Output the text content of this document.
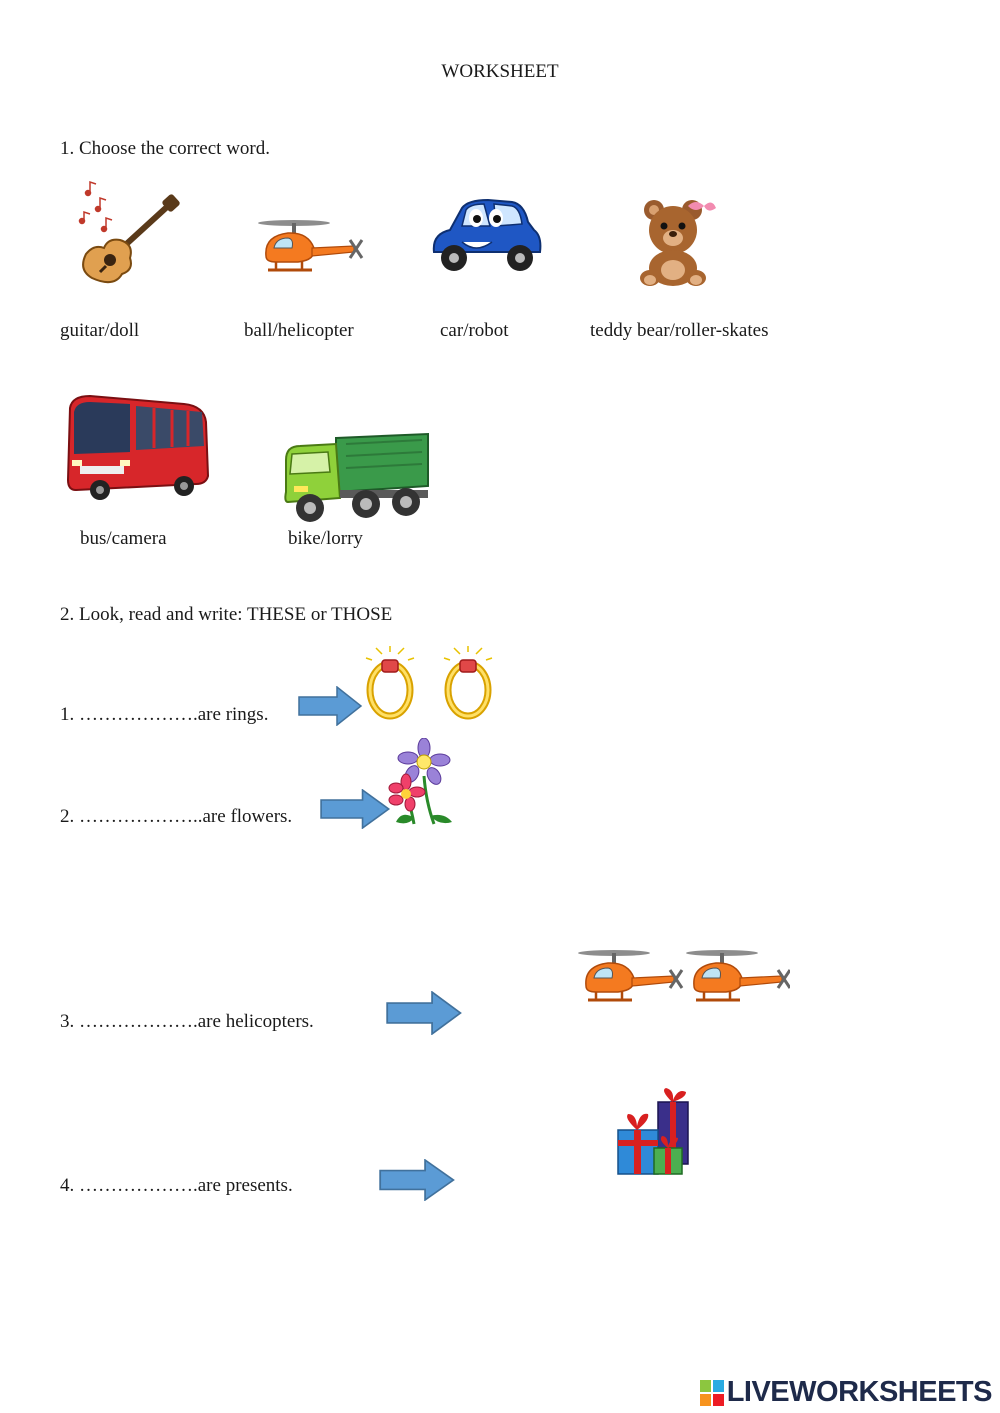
WORKSHEET
1. Choose the correct word.
guitar/doll	ball/helicopter	car/robot	teddy bear/roller-skates
bus/camera	bike/lorry
2. Look, read and write: THESE or THOSE
1. ……………….are rings.
2. ………………..are flowers.
3. ……………….are helicopters.
4. ……………….are presents.
LIVEWORKSHEETS
